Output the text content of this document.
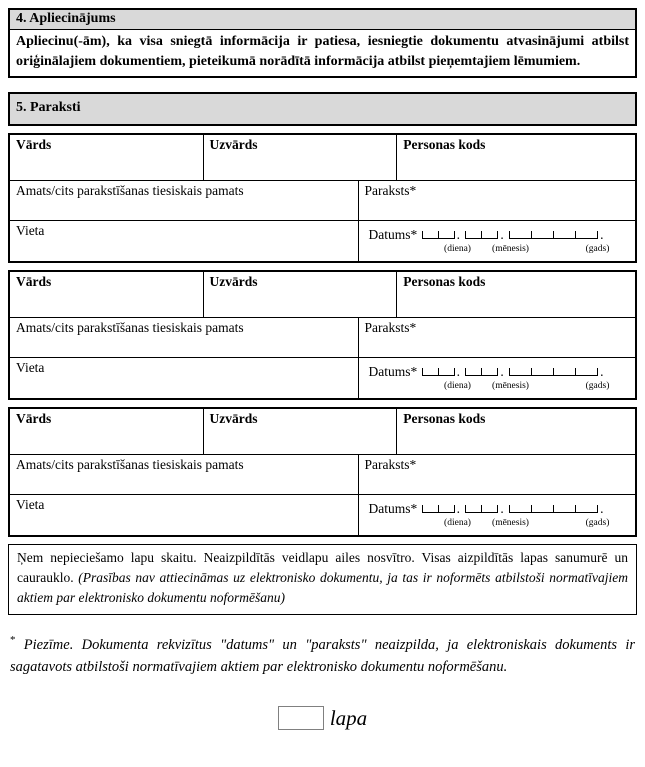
4. Apliecinājums
Apliecinu(-ām), ka visa sniegtā informācija ir patiesa, iesniegtie dokumentu atvasinājumi atbilst oriģinālajiem dokumentiem, pieteikumā norādītā informācija atbilst pieņemtajiem lēmumiem.
5. Paraksti
Vārds	Uzvārds	Personas kods
Amats/cits parakstīšanas tiesiskais pamats	Paraksts*
Vieta	Datums*	.	.	.
(diena) (mēnesis)	(gads)
Vārds	Uzvārds	Personas kods
Amats/cits parakstīšanas tiesiskais pamats	Paraksts*
Vieta	Datums*	.	.	.
(diena) (mēnesis)	(gads)
Vārds	Uzvārds	Personas kods
Amats/cits parakstīšanas tiesiskais pamats	Paraksts*
Vieta	Datums*	.	.	.
(diena) (mēnesis)	(gads)
Ņem nepieciešamo lapu skaitu. Neaizpildītās veidlapu ailes nosvītro. Visas aizpildītās lapas sanumurē un caurauklo. (Prasības nav attiecināmas uz elektronisko dokumentu, ja tas ir noformēts atbilstoši normatīvajiem aktiem par elektronisko dokumentu noformēšanu)

* Piezīme. Dokumenta rekvizītus "datums" un "paraksts" neaizpilda, ja elektroniskais dokuments ir sagatavots atbilstoši normatīvajiem aktiem par elektronisko dokumentu noformēšanu.

lapa
